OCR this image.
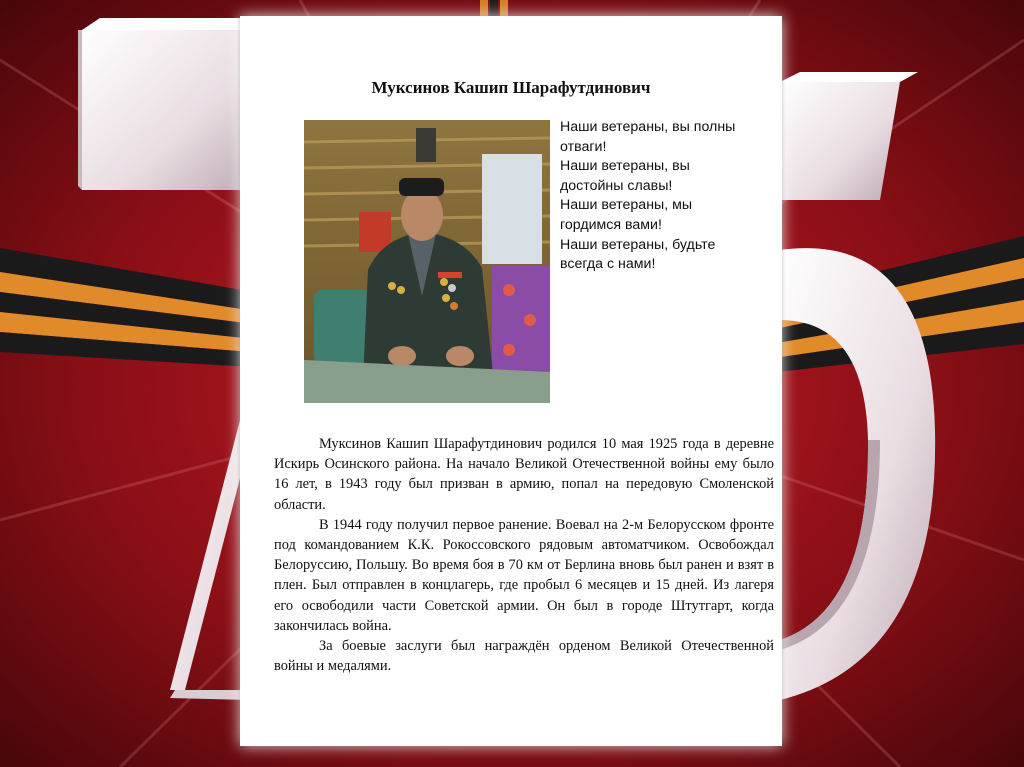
Муксинов Кашип Шарафутдинович
Наши ветераны, вы полны
отваги!
Наши ветераны, вы
достойны славы!
Наши ветераны, мы
гордимся вами!
Наши ветераны, будьте
всегда с нами!

Муксинов Кашип Шарафутдинович родился 10 мая 1925 года в деревне Искирь Осинского района. На начало Великой Отечественной войны ему было 16 лет, в 1943 году был призван в армию, попал на передовую Смоленской области.

В 1944 году получил первое ранение. Воевал на 2-м Белорусском фронте под командованием К.К. Рокоссовского рядовым автоматчиком. Освобождал Белоруссию, Польшу. Во время боя в 70 км от Берлина вновь был ранен и взят в плен. Был отправлен в концлагерь, где пробыл 6 месяцев и 15 дней. Из лагеря его освободили части Советской армии. Он был в городе Штутгарт, когда закончилась война.

За боевые заслуги был награждён орденом Великой Отечественной войны и медалями.
